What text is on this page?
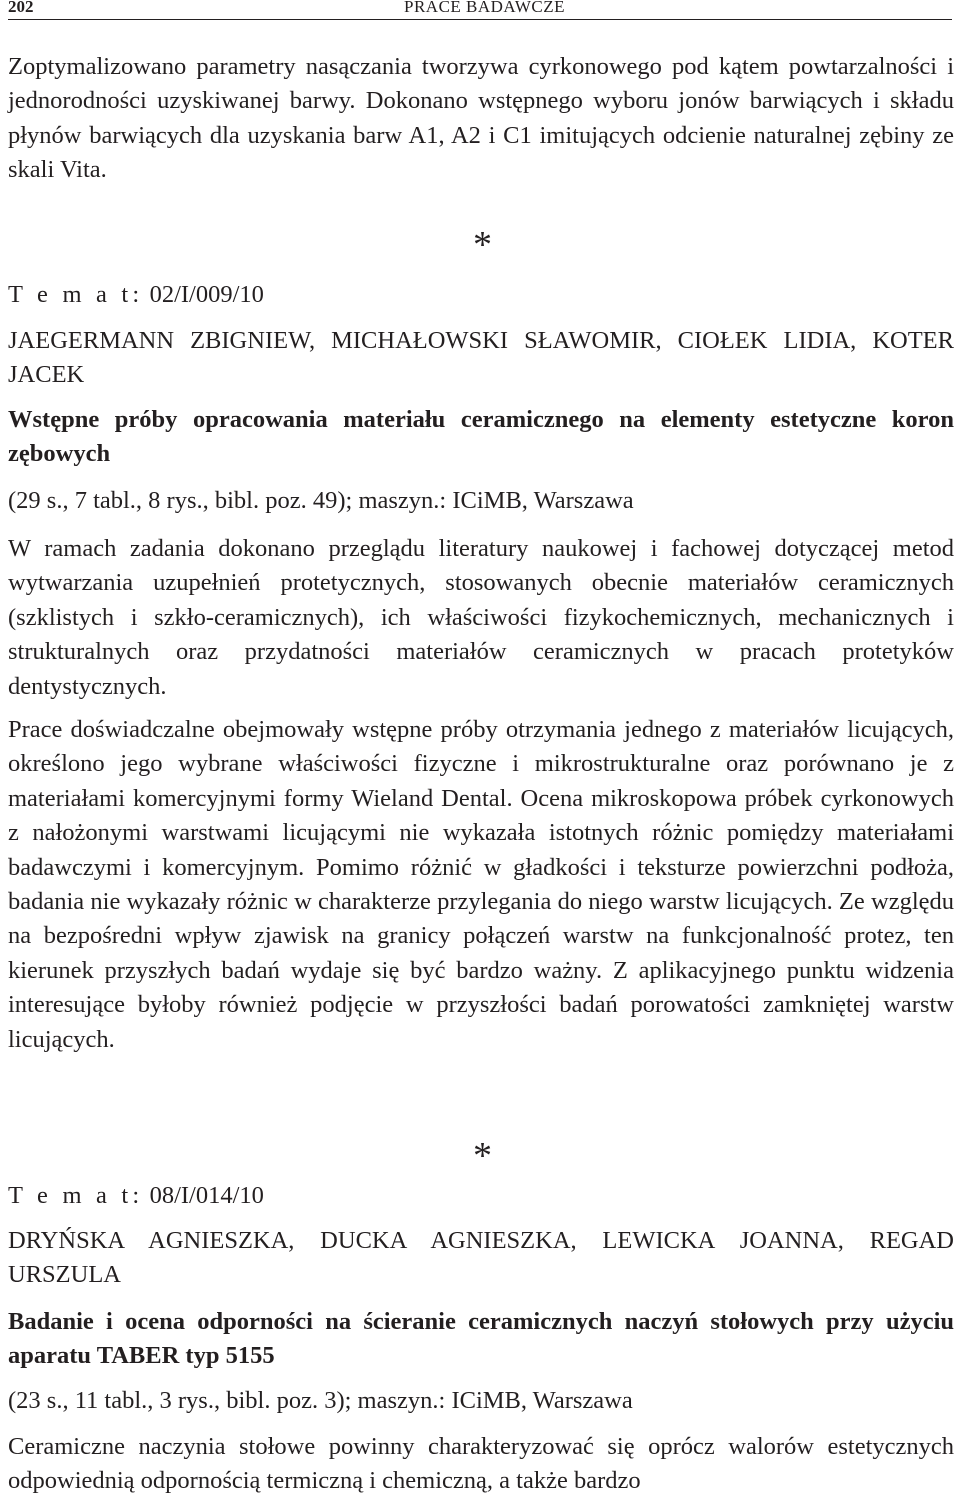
202	PRACE BADAWCZE

Zoptymalizowano parametry nasączania tworzywa cyrkonowego pod kątem powtarzalności i jednorodności uzyskiwanej barwy. Dokonano wstępnego wyboru jonów barwiących i składu płynów barwiących dla uzyskania barw A1, A2 i C1 imitujących odcienie naturalnej zębiny ze skali Vita.

*
T e m a t: 02/I/009/10

JAEGERMANN ZBIGNIEW, MICHAŁOWSKI SŁAWOMIR, CIOŁEK LIDIA, KOTER JACEK

Wstępne próby opracowania materiału ceramicznego na elementy estetyczne koron zębowych

(29 s., 7 tabl., 8 rys., bibl. poz. 49); maszyn.: ICiMB, Warszawa

W ramach zadania dokonano przeglądu literatury naukowej i fachowej dotyczącej metod wytwarzania uzupełnień protetycznych, stosowanych obecnie materiałów ceramicznych (szklistych i szkło-ceramicznych), ich właściwości fizykochemicznych, mechanicznych i strukturalnych oraz przydatności materiałów ceramicznych w pracach protetyków dentystycznych.

Prace doświadczalne obejmowały wstępne próby otrzymania jednego z materiałów licujących, określono jego wybrane właściwości fizyczne i mikrostrukturalne oraz porównano je z materiałami komercyjnymi formy Wieland Dental. Ocena mikroskopowa próbek cyrkonowych z nałożonymi warstwami licującymi nie wykazała istotnych różnic pomiędzy materiałami badawczymi i komercyjnym. Pomimo różnić w gładkości i teksturze powierzchni podłoża, badania nie wykazały różnic w charakterze przylegania do niego warstw licujących. Ze względu na bezpośredni wpływ zjawisk na granicy połączeń warstw na funkcjonalność protez, ten kierunek przyszłych badań wydaje się być bardzo ważny. Z aplikacyjnego punktu widzenia interesujące byłoby również podjęcie w przyszłości badań porowatości zamkniętej warstw licujących.

*
T e m a t: 08/I/014/10

DRYŃSKA AGNIESZKA, DUCKA AGNIESZKA, LEWICKA JOANNA, REGAD URSZULA

Badanie i ocena odporności na ścieranie ceramicznych naczyń stołowych przy użyciu aparatu TABER typ 5155

(23 s., 11 tabl., 3 rys., bibl. poz. 3); maszyn.: ICiMB, Warszawa

Ceramiczne naczynia stołowe powinny charakteryzować się oprócz walorów estetycznych odpowiednią odpornością termiczną i chemiczną, a także bardzo
